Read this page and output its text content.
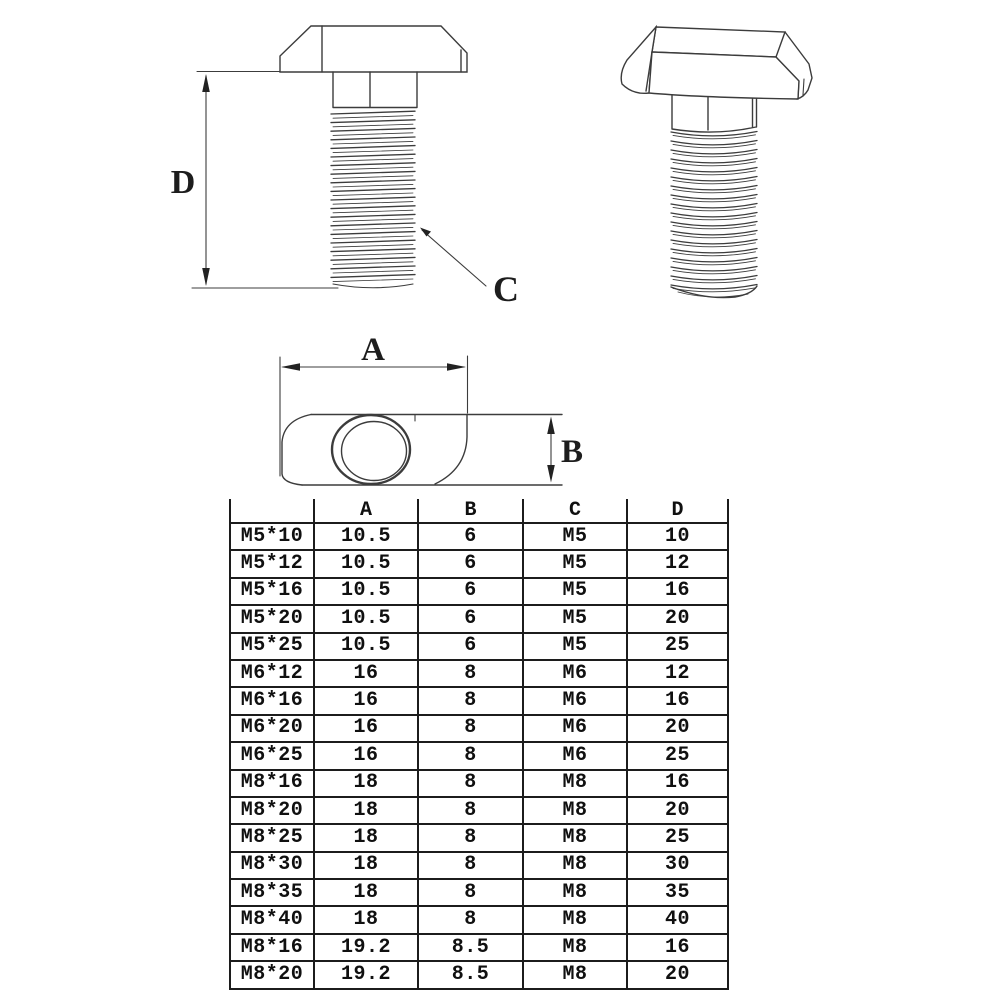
D
C
A
B
	A	B	C	D
M5*10	10.5	6	M5	10
M5*12	10.5	6	M5	12
M5*16	10.5	6	M5	16
M5*20	10.5	6	M5	20
M5*25	10.5	6	M5	25
M6*12	16	8	M6	12
M6*16	16	8	M6	16
M6*20	16	8	M6	20
M6*25	16	8	M6	25
M8*16	18	8	M8	16
M8*20	18	8	M8	20
M8*25	18	8	M8	25
M8*30	18	8	M8	30
M8*35	18	8	M8	35
M8*40	18	8	M8	40
M8*16	19.2	8.5	M8	16
M8*20	19.2	8.5	M8	20
